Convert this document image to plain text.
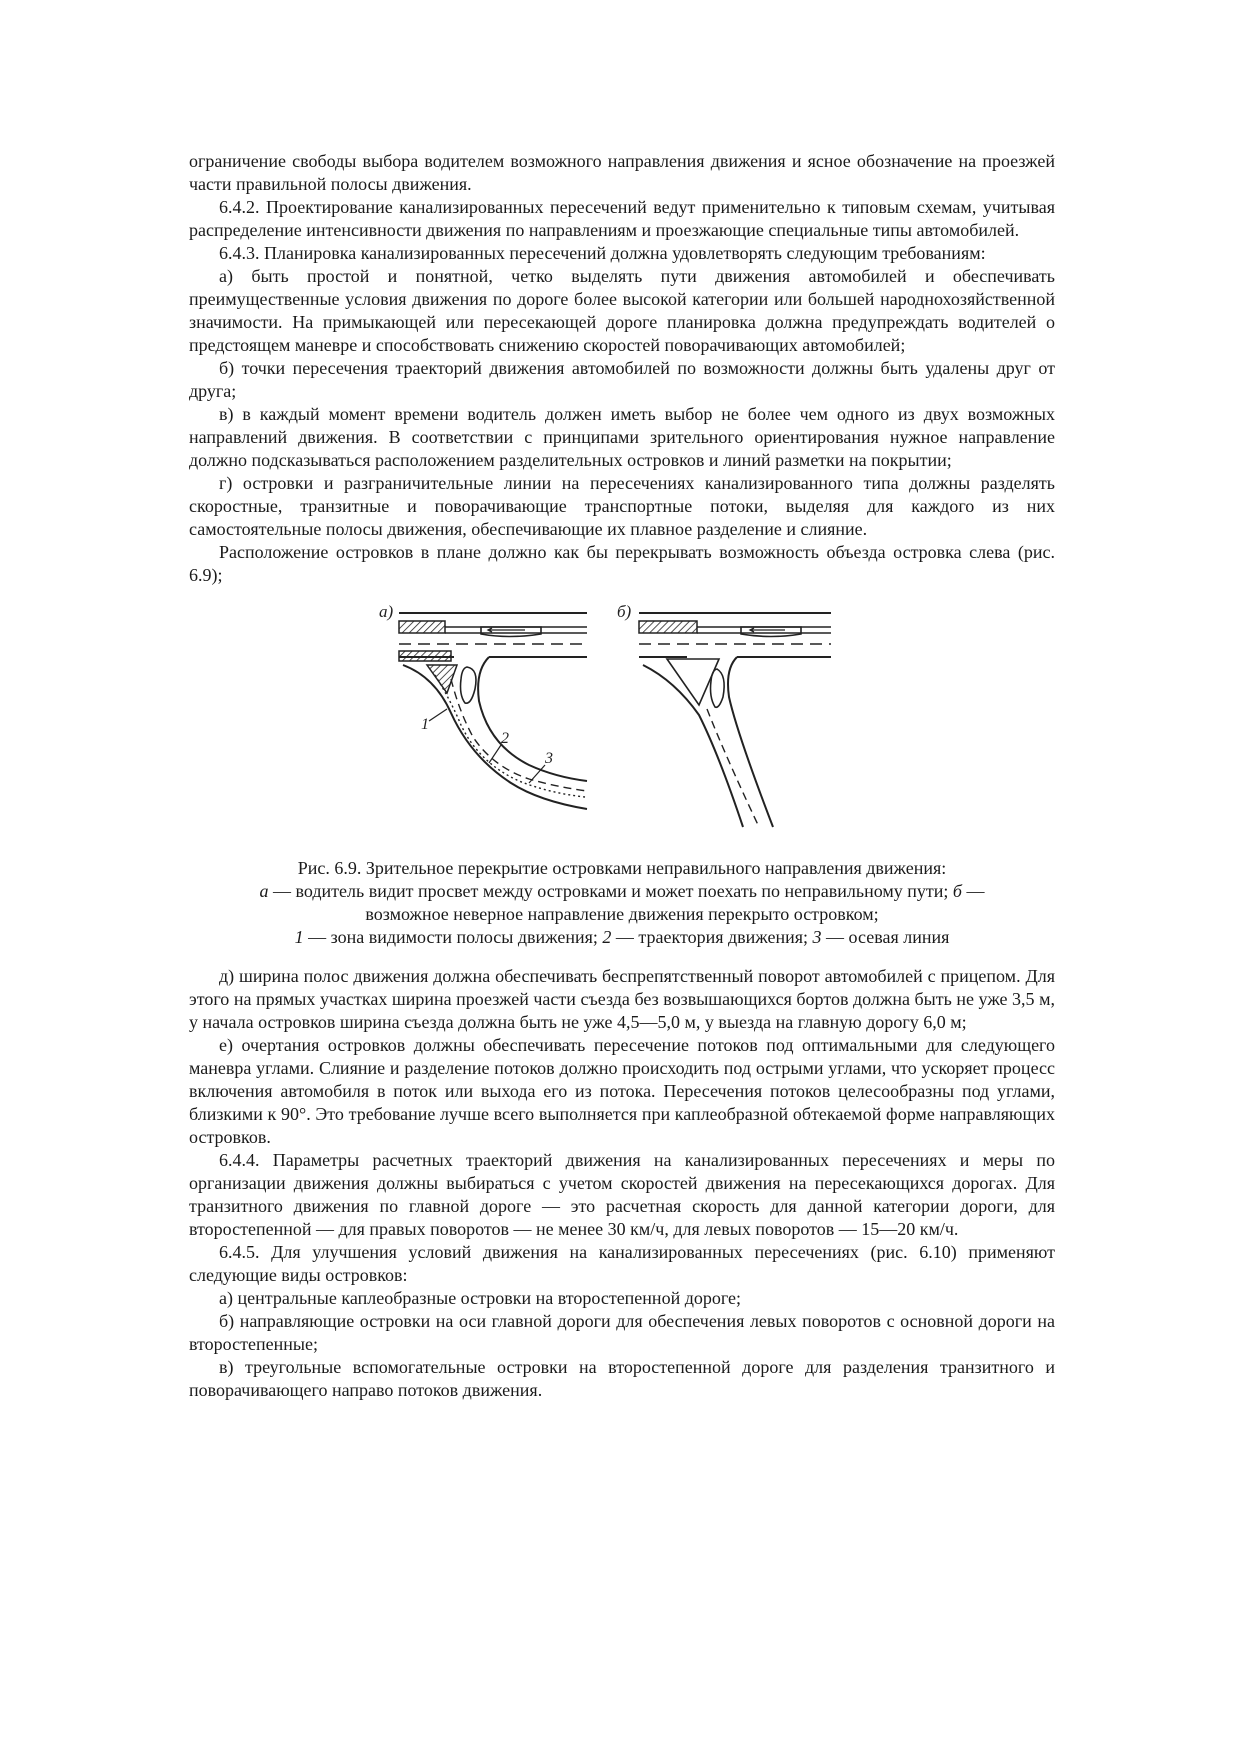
ограничение свободы выбора водителем возможного направления движения и ясное обозначение на проезжей части правильной полосы движения.

6.4.2. Проектирование канализированных пересечений ведут применительно к типовым схемам, учитывая распределение интенсивности движения по направлениям и проезжающие специальные типы автомобилей.

6.4.3. Планировка канализированных пересечений должна удовлетворять следующим требованиям:

а) быть простой и понятной, четко выделять пути движения автомобилей и обеспечивать преимущественные условия движения по дороге более высокой категории или большей народнохозяйственной значимости. На примыкающей или пересекающей дороге планировка должна предупреждать водителей о предстоящем маневре и способствовать снижению скоростей поворачивающих автомобилей;

б) точки пересечения траекторий движения автомобилей по возможности должны быть удалены друг от друга;

в) в каждый момент времени водитель должен иметь выбор не более чем одного из двух возможных направлений движения. В соответствии с принципами зрительного ориентирования нужное направление должно подсказываться расположением разделительных островков и линий разметки на покрытии;

г) островки и разграничительные линии на пересечениях канализированного типа должны разделять скоростные, транзитные и поворачивающие транспортные потоки, выделяя для каждого из них самостоятельные полосы движения, обеспечивающие их плавное разделение и слияние.

Расположение островков в плане должно как бы перекрывать возможность объезда островка слева (рис. 6.9);

а)
1
2
3
б)
Рис. 6.9. Зрительное перекрытие островками неправильного направления движения:
а — водитель видит просвет между островками и может поехать по неправильному пути; б —
возможное неверное направление движения перекрыто островком;
1 — зона видимости полосы движения; 2 — траектория движения; 3 — осевая линия

д) ширина полос движения должна обеспечивать беспрепятственный поворот автомобилей с прицепом. Для этого на прямых участках ширина проезжей части съезда без возвышающихся бортов должна быть не уже 3,5 м, у начала островков ширина съезда должна быть не уже 4,5—5,0 м, у выезда на главную дорогу 6,0 м;

е) очертания островков должны обеспечивать пересечение потоков под оптимальными для следующего маневра углами. Слияние и разделение потоков должно происходить под острыми углами, что ускоряет процесс включения автомобиля в поток или выхода его из потока. Пересечения потоков целесообразны под углами, близкими к 90°. Это требование лучше всего выполняется при каплеобразной обтекаемой форме направляющих островков.

6.4.4. Параметры расчетных траекторий движения на канализированных пересечениях и меры по организации движения должны выбираться с учетом скоростей движения на пересекающихся дорогах. Для транзитного движения по главной дороге — это расчетная скорость для данной категории дороги, для второстепенной — для правых поворотов — не менее 30 км/ч, для левых поворотов — 15—20 км/ч.

6.4.5. Для улучшения условий движения на канализированных пересечениях (рис. 6.10) применяют следующие виды островков:

а) центральные каплеобразные островки на второстепенной дороге;

б) направляющие островки на оси главной дороги для обеспечения левых поворотов с основной дороги на второстепенные;

в) треугольные вспомогательные островки на второстепенной дороге для разделения транзитного и поворачивающего направо потоков движения.
